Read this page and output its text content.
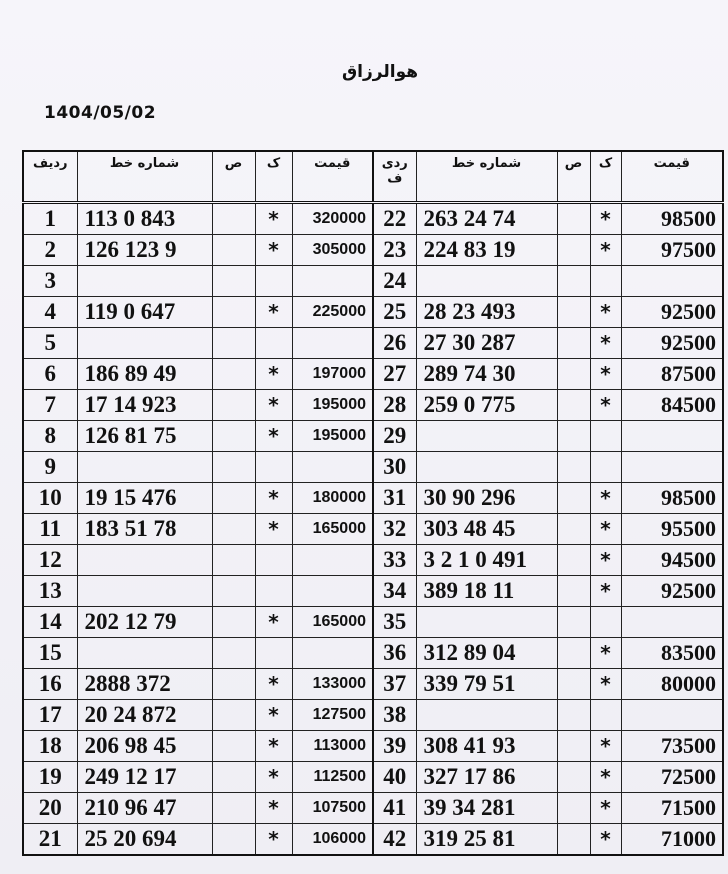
هوالرزاق
1404/05/02
ردیف	شماره خط	ص	ک	قیمت
1	113 0 843		*	320000
2	126 123 9		*	305000
3				
4	119 0 647		*	225000
5				
6	186 89 49		*	197000
7	17 14 923		*	195000
8	126 81 75		*	195000
9				
10	19 15 476		*	180000
11	183 51 78		*	165000
12				
13				
14	202 12 79		*	165000
15				
16	2888 372		*	133000
17	20 24 872		*	127500
18	206 98 45		*	113000
19	249 12 17		*	112500
20	210 96 47		*	107500
21	25 20 694		*	106000
ردی
ف	شماره خط	ص	ک	قیمت
22	263 24 74		*	98500
23	224 83 19		*	97500
24				
25	28 23 493		*	92500
26	27 30 287		*	92500
27	289 74 30		*	87500
28	259 0 775		*	84500
29				
30				
31	30 90 296		*	98500
32	303 48 45		*	95500
33	3 2 1 0 491		*	94500
34	389 18 11		*	92500
35				
36	312 89 04		*	83500
37	339 79 51		*	80000
38				
39	308 41 93		*	73500
40	327 17 86		*	72500
41	39 34 281		*	71500
42	319 25 81		*	71000
